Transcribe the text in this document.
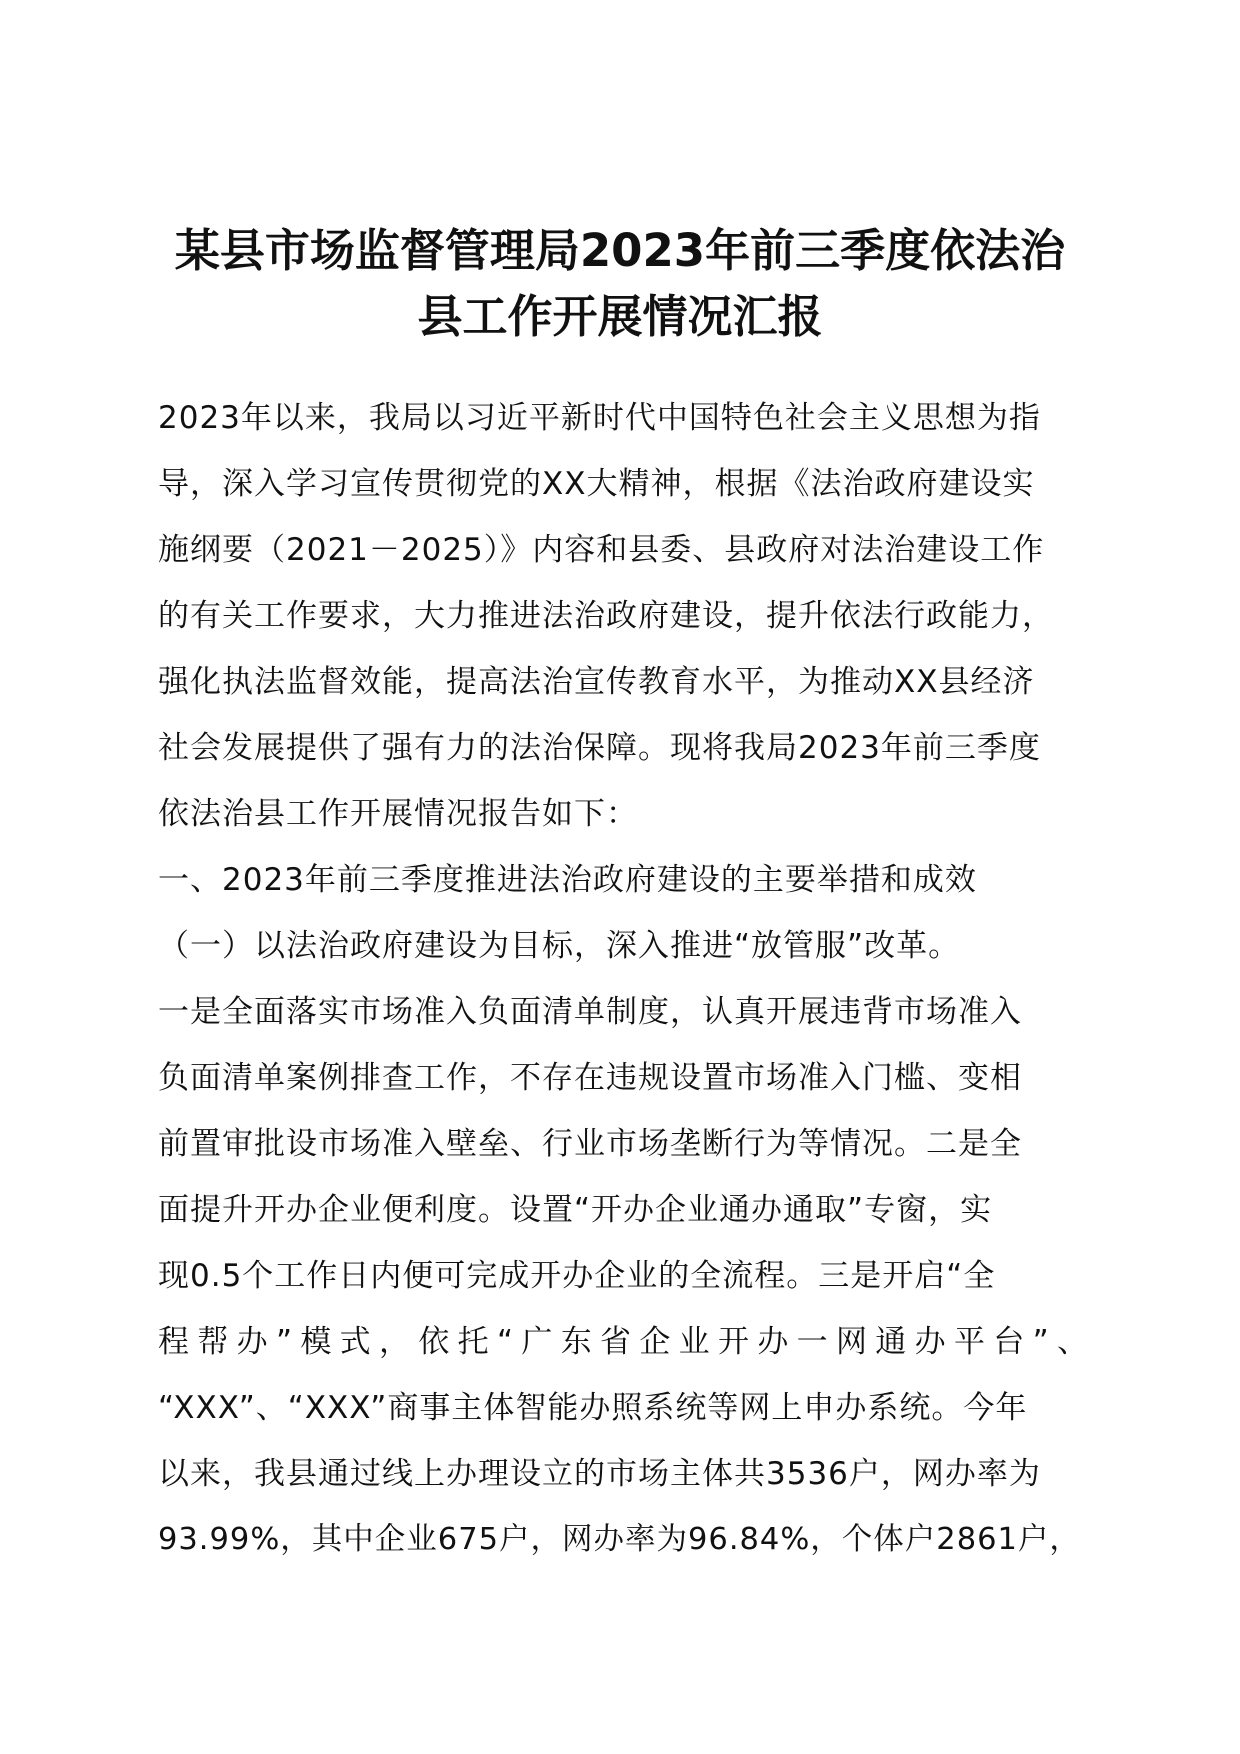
某县市场监督管理局2023年前三季度依法治
县工作开展情况汇报
2023年以来，我局以习近平新时代中国特色社会主义思想为指
导，深入学习宣传贯彻党的XX大精神，根据《法治政府建设实
施纲要（2021－2025）》内容和县委、县政府对法治建设工作
的有关工作要求，大力推进法治政府建设，提升依法行政能力，
强化执法监督效能，提高法治宣传教育水平，为推动XX县经济
社会发展提供了强有力的法治保障。现将我局2023年前三季度
依法治县工作开展情况报告如下：
一、2023年前三季度推进法治政府建设的主要举措和成效
（一）以法治政府建设为目标，深入推进“放管服”改革。
一是全面落实市场准入负面清单制度，认真开展违背市场准入
负面清单案例排查工作，不存在违规设置市场准入门槛、变相
前置审批设市场准入壁垒、行业市场垄断行为等情况。二是全
面提升开办企业便利度。设置“开办企业通办通取”专窗，实
现0.5个工作日内便可完成开办企业的全流程。三是开启“全
程帮办”模式，依托“广东省企业开办一网通办平台”、
“XXX”、“XXX”商事主体智能办照系统等网上申办系统。今年
以来，我县通过线上办理设立的市场主体共3536户，网办率为
93.99%，其中企业675户，网办率为96.84%，个体户2861户，
